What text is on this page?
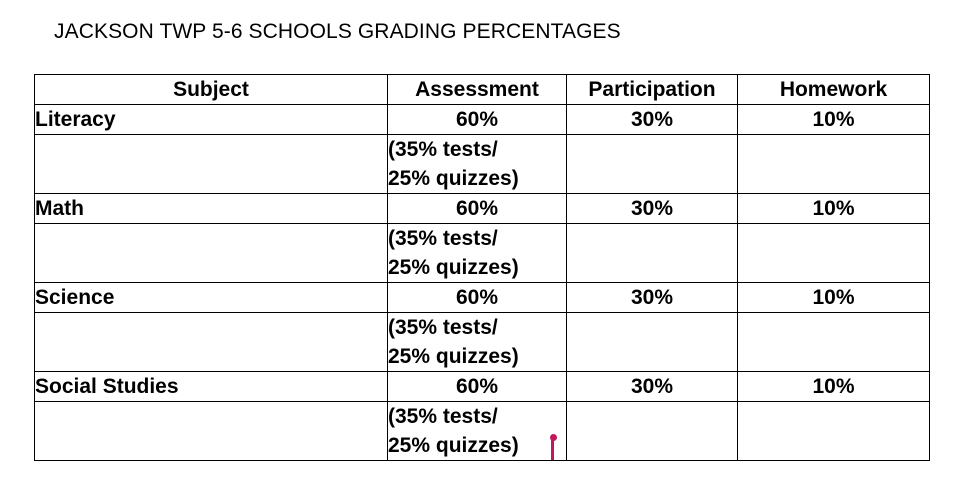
JACKSON TWP 5-6 SCHOOLS GRADING PERCENTAGES
Subject	Assessment	Participation	Homework
Literacy	60%	30%	10%

	(35% tests/
25% quizzes)		

Math	60%	30%	10%

	(35% tests/
25% quizzes)		

Science	60%	30%	10%

	(35% tests/
25% quizzes)		

Social Studies	60%	30%	10%

	(35% tests/
25% quizzes)		
